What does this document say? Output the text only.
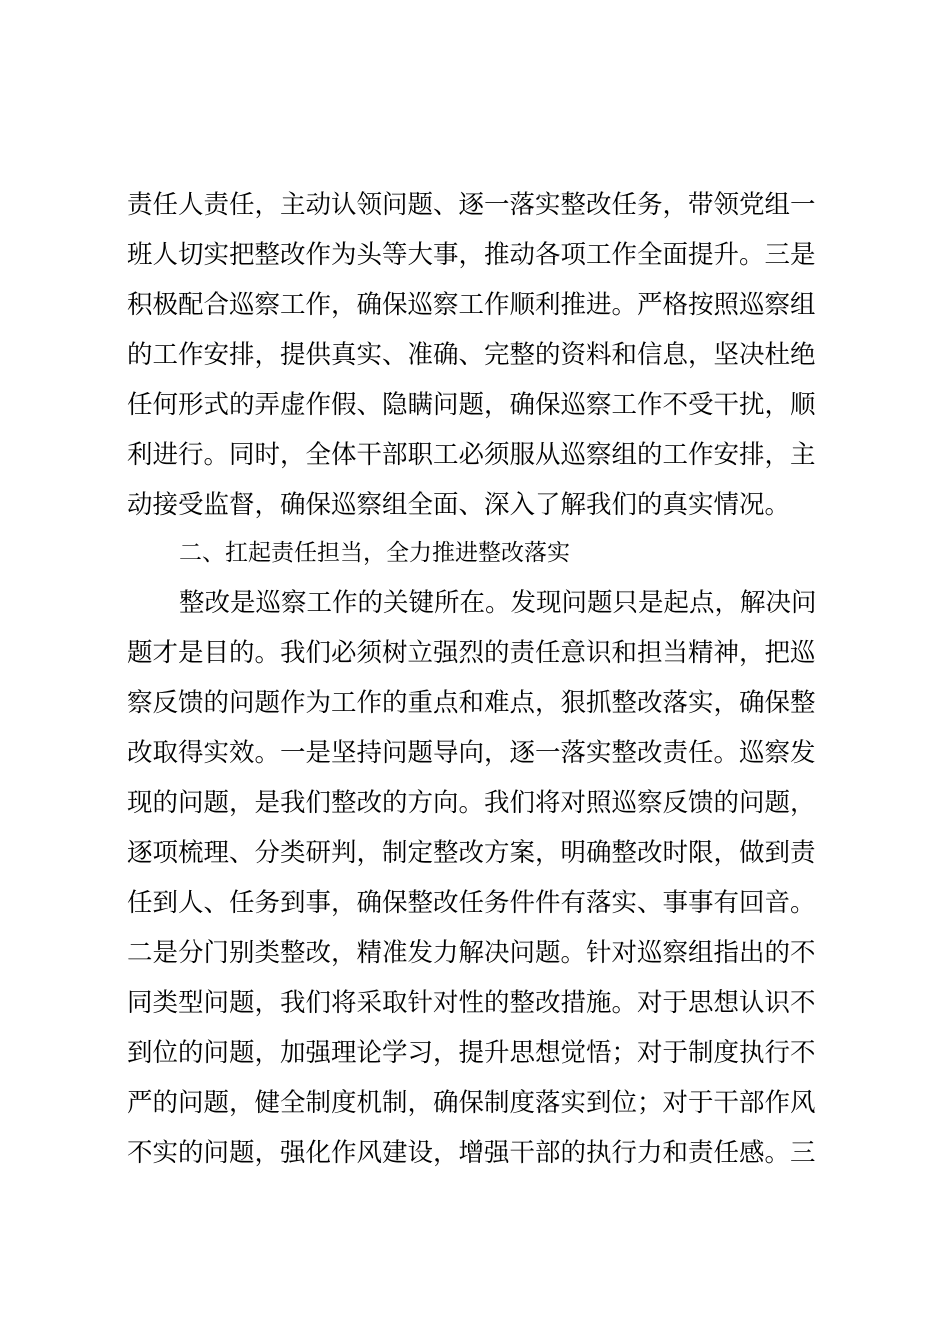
责任人责任，主动认领问题、逐一落实整改任务，带领党组一
班人切实把整改作为头等大事，推动各项工作全面提升。三是
积极配合巡察工作，确保巡察工作顺利推进。严格按照巡察组
的工作安排，提供真实、准确、完整的资料和信息，坚决杜绝
任何形式的弄虚作假、隐瞒问题，确保巡察工作不受干扰，顺
利进行。同时，全体干部职工必须服从巡察组的工作安排，主
动接受监督，确保巡察组全面、深入了解我们的真实情况。
二、扛起责任担当，全力推进整改落实
整改是巡察工作的关键所在。发现问题只是起点，解决问
题才是目的。我们必须树立强烈的责任意识和担当精神，把巡
察反馈的问题作为工作的重点和难点，狠抓整改落实，确保整
改取得实效。一是坚持问题导向，逐一落实整改责任。巡察发
现的问题，是我们整改的方向。我们将对照巡察反馈的问题，
逐项梳理、分类研判，制定整改方案，明确整改时限，做到责
任到人、任务到事，确保整改任务件件有落实、事事有回音。
二是分门别类整改，精准发力解决问题。针对巡察组指出的不
同类型问题，我们将采取针对性的整改措施。对于思想认识不
到位的问题，加强理论学习，提升思想觉悟；对于制度执行不
严的问题，健全制度机制，确保制度落实到位；对于干部作风
不实的问题，强化作风建设，增强干部的执行力和责任感。三
